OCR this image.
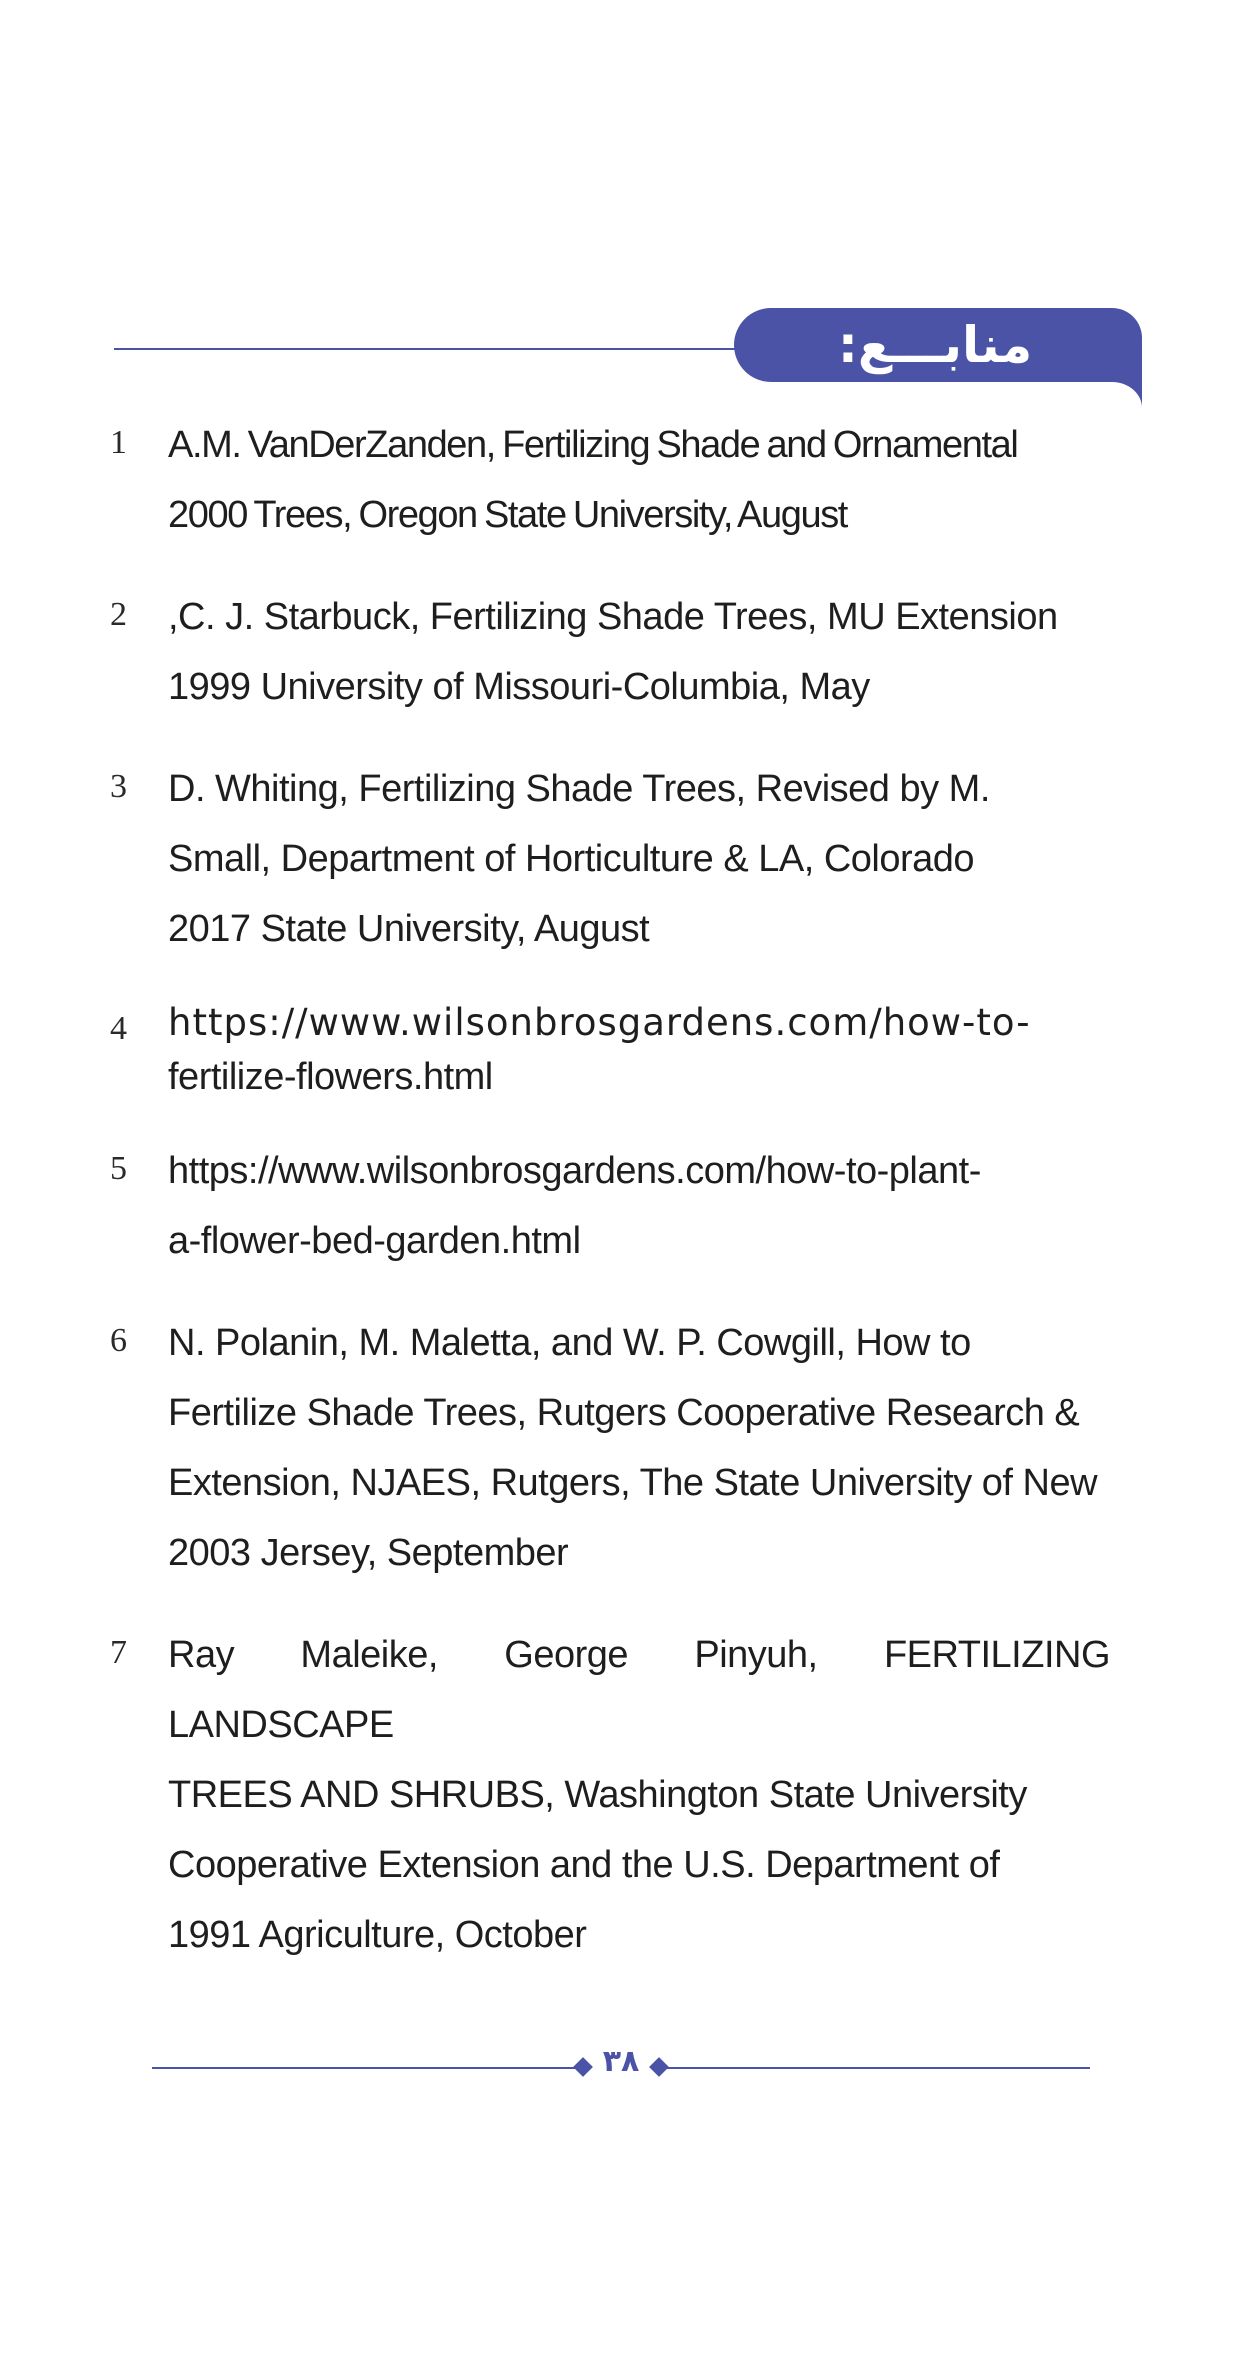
منابـــع:
1 A.M. VanDerZanden, Fertilizing Shade and Ornamental
2000 Trees, Oregon State University, August
2 ,C. J. Starbuck, Fertilizing Shade Trees, MU Extension
1999 University of Missouri-Columbia, May
3 D. Whiting, Fertilizing Shade Trees, Revised by M.
Small, Department of Horticulture & LA, Colorado
2017 State University, August
4 https://www.wilsonbrosgardens.com/how-to-
fertilize-flowers.html
5 https://www.wilsonbrosgardens.com/how-to-plant-
a-flower-bed-garden.html
6 N. Polanin, M. Maletta, and W. P. Cowgill, How to
Fertilize Shade Trees, Rutgers Cooperative Research &
Extension, NJAES, Rutgers, The State University of New
2003 Jersey, September
7 Ray Maleike, George Pinyuh, FERTILIZING LANDSCAPE
TREES AND SHRUBS, Washington State University
Cooperative Extension and the U.S. Department of
1991 Agriculture, October
۳۸
